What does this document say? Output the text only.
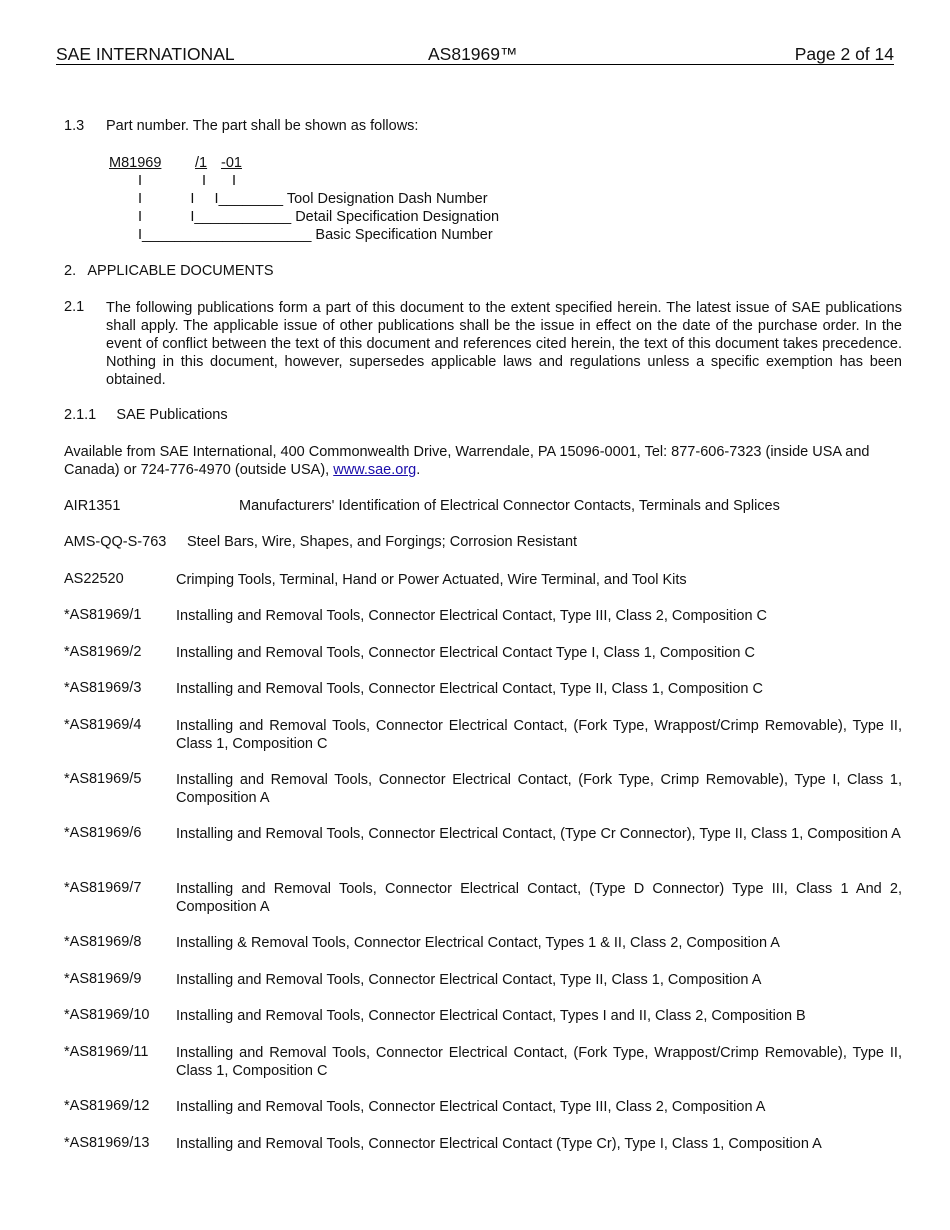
SAE INTERNATIONAL	AS81969™	Page 2 of 14
1.3 Part number. The part shall be shown as follows:
M81969 /1 -01
I	I I
I            I     I________ Tool Designation Dash Number
I            I____________ Detail Specification Designation
I_____________________ Basic Specification Number
2.   APPLICABLE DOCUMENTS
2.1 The following publications form a part of this document to the extent specified herein. The latest issue of SAE publications shall apply. The applicable issue of other publications shall be the issue in effect on the date of the purchase order. In the event of conflict between the text of this document and references cited herein, the text of this document takes precedence. Nothing in this document, however, supersedes applicable laws and regulations unless a specific exemption has been obtained.
2.1.1     SAE Publications
Available from SAE International, 400 Commonwealth Drive, Warrendale, PA 15096-0001, Tel: 877-606-7323 (inside USA and Canada) or 724-776-4970 (outside USA), www.sae.org.
AIR1351	Manufacturers' Identification of Electrical Connector Contacts, Terminals and Splices
AMS-QQ-S-763 Steel Bars, Wire, Shapes, and Forgings; Corrosion Resistant
AS22520	Crimping Tools, Terminal, Hand or Power Actuated, Wire Terminal, and Tool Kits
*AS81969/1 Installing and Removal Tools, Connector Electrical Contact, Type III, Class 2, Composition C
*AS81969/2 Installing and Removal Tools, Connector Electrical Contact Type I, Class 1, Composition C
*AS81969/3 Installing and Removal Tools, Connector Electrical Contact, Type II, Class 1, Composition C
*AS81969/4 Installing and Removal Tools, Connector Electrical Contact, (Fork Type, Wrappost/Crimp Removable), Type II, Class 1, Composition C
*AS81969/5 Installing and Removal Tools, Connector Electrical Contact, (Fork Type, Crimp Removable), Type I, Class 1, Composition A
*AS81969/6 Installing and Removal Tools, Connector Electrical Contact, (Type Cr Connector), Type II, Class 1, Composition A
*AS81969/7 Installing and Removal Tools, Connector Electrical Contact, (Type D Connector) Type III, Class 1 And 2, Composition A
*AS81969/8 Installing & Removal Tools, Connector Electrical Contact, Types 1 & II, Class 2, Composition A
*AS81969/9 Installing and Removal Tools, Connector Electrical Contact, Type II, Class 1, Composition A
*AS81969/10 Installing and Removal Tools, Connector Electrical Contact, Types I and II, Class 2, Composition B
*AS81969/11 Installing and Removal Tools, Connector Electrical Contact, (Fork Type, Wrappost/Crimp Removable), Type II, Class 1, Composition C
*AS81969/12 Installing and Removal Tools, Connector Electrical Contact, Type III, Class 2, Composition A
*AS81969/13 Installing and Removal Tools, Connector Electrical Contact (Type Cr), Type I, Class 1, Composition A
